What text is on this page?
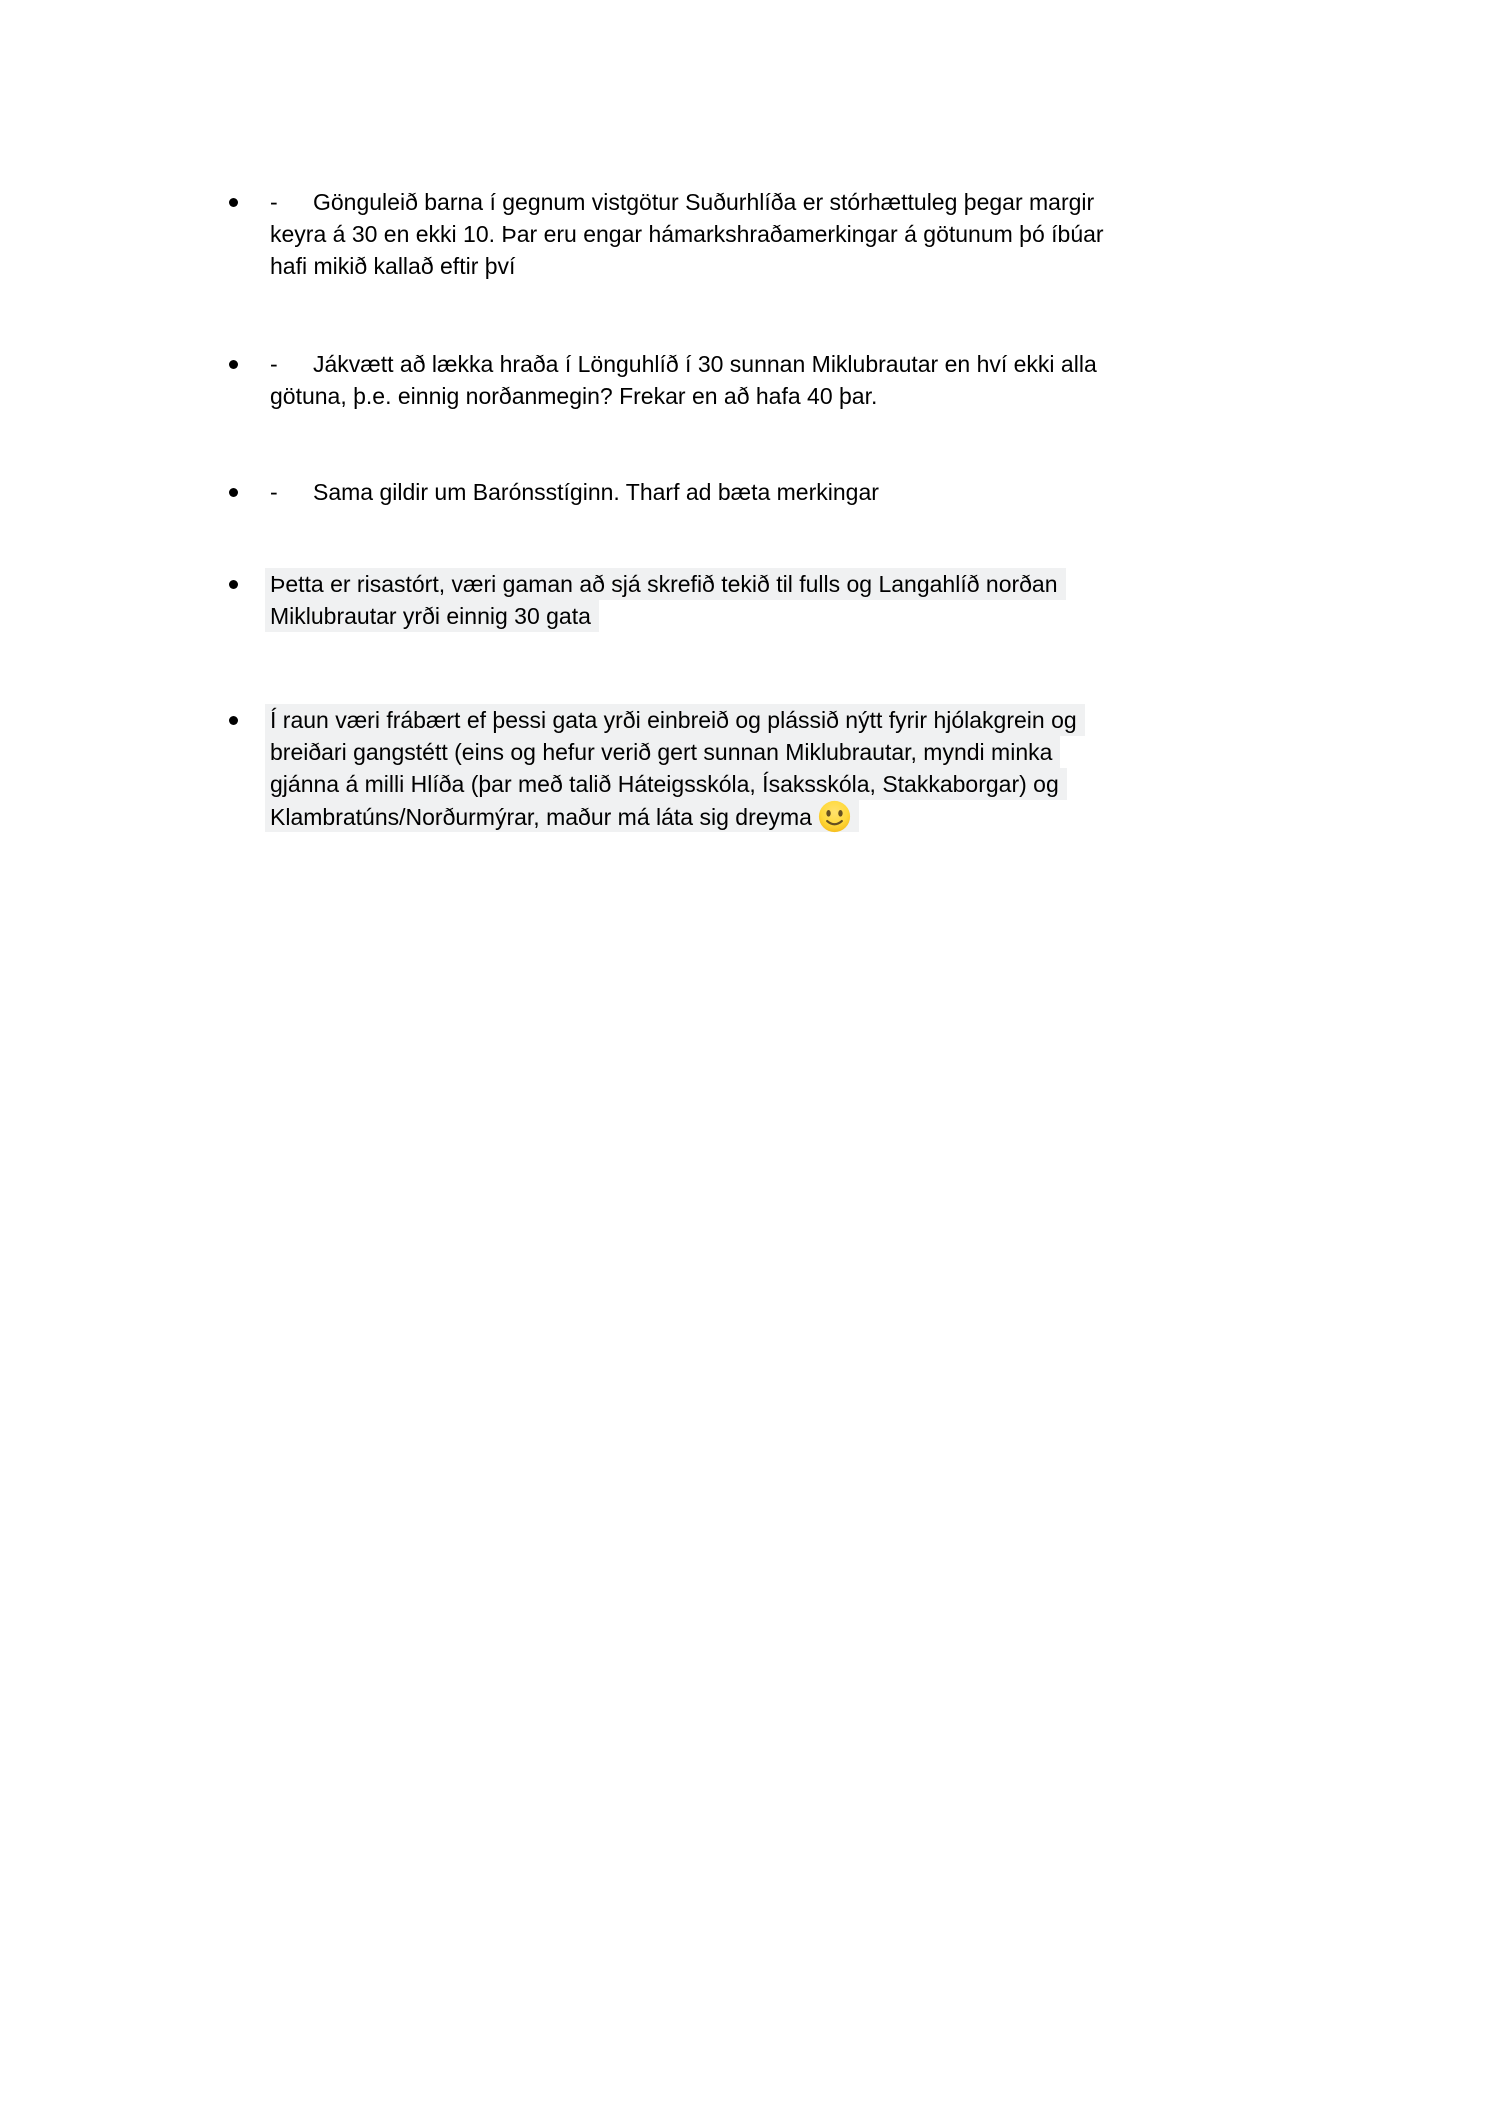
-	Gönguleið barna í gegnum vistgötur Suðurhlíða er stórhættuleg þegar margir
keyra á 30 en ekki 10. Þar eru engar hámarkshraðamerkingar á götunum þó íbúar
hafi mikið kallað eftir því
-	Jákvætt að lækka hraða í Lönguhlíð í 30 sunnan Miklubrautar en hví ekki alla
götuna, þ.e. einnig norðanmegin? Frekar en að hafa 40 þar.
-	Sama gildir um Barónsstíginn. Tharf ad bæta merkingar
Þetta er risastórt, væri gaman að sjá skrefið tekið til fulls og Langahlíð norðan
Miklubrautar yrði einnig 30 gata
Í raun væri frábært ef þessi gata yrði einbreið og plássið nýtt fyrir hjólakgrein og
breiðari gangstétt (eins og hefur verið gert sunnan Miklubrautar, myndi minka
gjánna á milli Hlíða (þar með talið Háteigsskóla, Ísaksskóla, Stakkaborgar) og
Klambratúns/Norðurmýrar, maður má láta sig dreyma
